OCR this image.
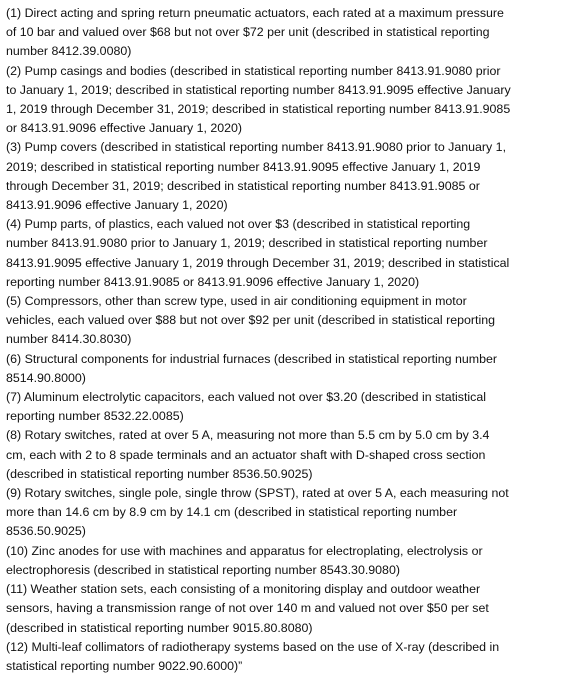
(1) Direct acting and spring return pneumatic actuators, each rated at a maximum pressure
of 10 bar and valued over $68 but not over $72 per unit (described in statistical reporting
number 8412.39.0080)
(2) Pump casings and bodies (described in statistical reporting number 8413.91.9080 prior
to January 1, 2019; described in statistical reporting number 8413.91.9095 effective January
1, 2019 through December 31, 2019; described in statistical reporting number 8413.91.9085
or 8413.91.9096 effective January 1, 2020)
(3) Pump covers (described in statistical reporting number 8413.91.9080 prior to January 1,
2019; described in statistical reporting number 8413.91.9095 effective January 1, 2019
through December 31, 2019; described in statistical reporting number 8413.91.9085 or
8413.91.9096 effective January 1, 2020)
(4) Pump parts, of plastics, each valued not over $3 (described in statistical reporting
number 8413.91.9080 prior to January 1, 2019; described in statistical reporting number
8413.91.9095 effective January 1, 2019 through December 31, 2019; described in statistical
reporting number 8413.91.9085 or 8413.91.9096 effective January 1, 2020)
(5) Compressors, other than screw type, used in air conditioning equipment in motor
vehicles, each valued over $88 but not over $92 per unit (described in statistical reporting
number 8414.30.8030)
(6) Structural components for industrial furnaces (described in statistical reporting number
8514.90.8000)
(7) Aluminum electrolytic capacitors, each valued not over $3.20 (described in statistical
reporting number 8532.22.0085)
(8) Rotary switches, rated at over 5 A, measuring not more than 5.5 cm by 5.0 cm by 3.4
cm, each with 2 to 8 spade terminals and an actuator shaft with D-shaped cross section
(described in statistical reporting number 8536.50.9025)
(9) Rotary switches, single pole, single throw (SPST), rated at over 5 A, each measuring not
more than 14.6 cm by 8.9 cm by 14.1 cm (described in statistical reporting number
8536.50.9025)
(10) Zinc anodes for use with machines and apparatus for electroplating, electrolysis or
electrophoresis (described in statistical reporting number 8543.30.9080)
(11) Weather station sets, each consisting of a monitoring display and outdoor weather
sensors, having a transmission range of not over 140 m and valued not over $50 per set
(described in statistical reporting number 9015.80.8080)
(12) Multi-leaf collimators of radiotherapy systems based on the use of X-ray (described in
statistical reporting number 9022.90.6000)”
